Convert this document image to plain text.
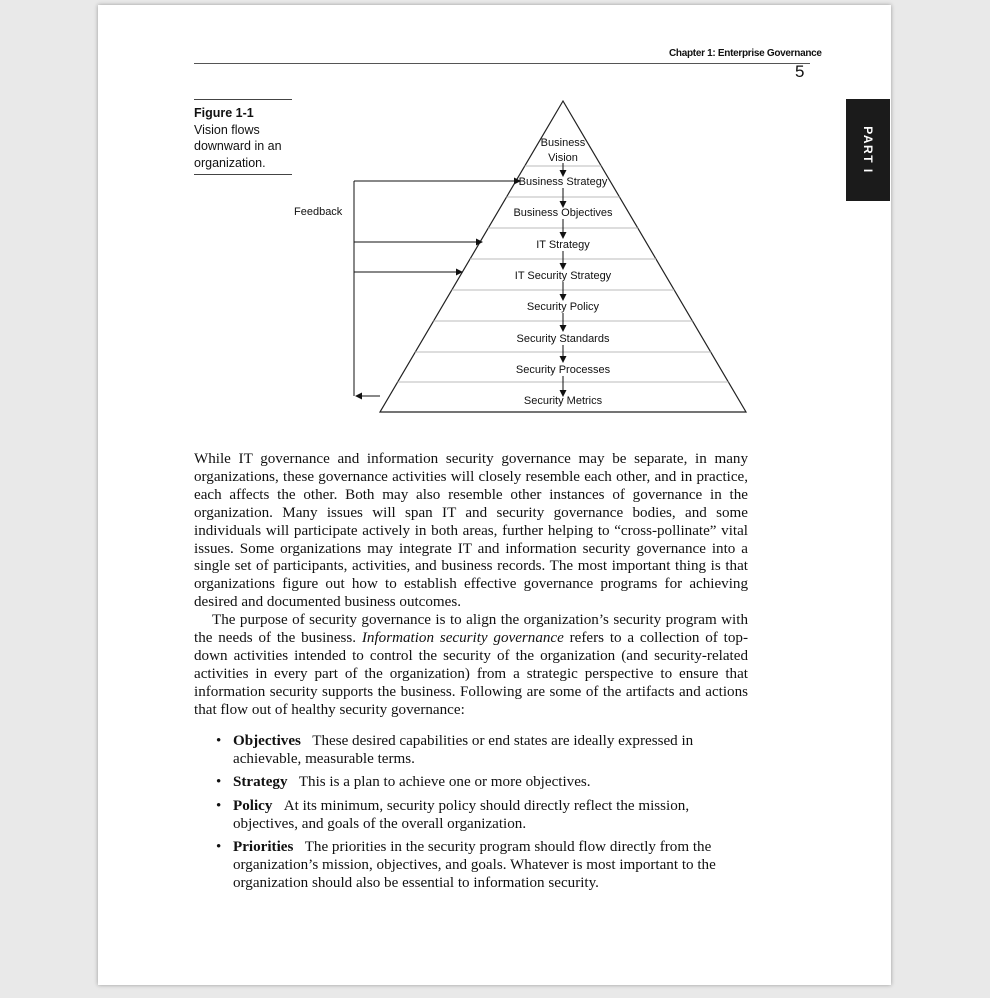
Chapter 1: Enterprise Governance
5
PART I
Figure 1-1
Vision flows downward in an organization.
Business
Vision
Business Strategy
Business Objectives
IT Strategy
IT Security Strategy
Security Policy
Security Standards
Security Processes
Security Metrics
Feedback

While IT governance and information security governance may be separate, in many organizations, these governance activities will closely resemble each other, and in practice, each affects the other. Both may also resemble other instances of governance in the organization. Many issues will span IT and security governance bodies, and some individuals will participate actively in both areas, further helping to “cross-pollinate” vital issues. Some organizations may integrate IT and information security governance into a single set of participants, activities, and business records. The most important thing is that organizations figure out how to establish effective governance programs for achieving desired and documented business outcomes.

The purpose of security governance is to align the organization’s security program with the needs of the business. Information security governance refers to a collection of top-down activities intended to control the security of the organization (and security-related activities in every part of the organization) from a strategic perspective to ensure that information security supports the business. Following are some of the artifacts and actions that flow out of healthy security governance:

• Objectives These desired capabilities or end states are ideally expressed in achievable, measurable terms.
• Strategy This is a plan to achieve one or more objectives.
• Policy At its minimum, security policy should directly reflect the mission, objectives, and goals of the overall organization.
• Priorities The priorities in the security program should flow directly from the organization’s mission, objectives, and goals. Whatever is most important to the organization should also be essential to information security.
